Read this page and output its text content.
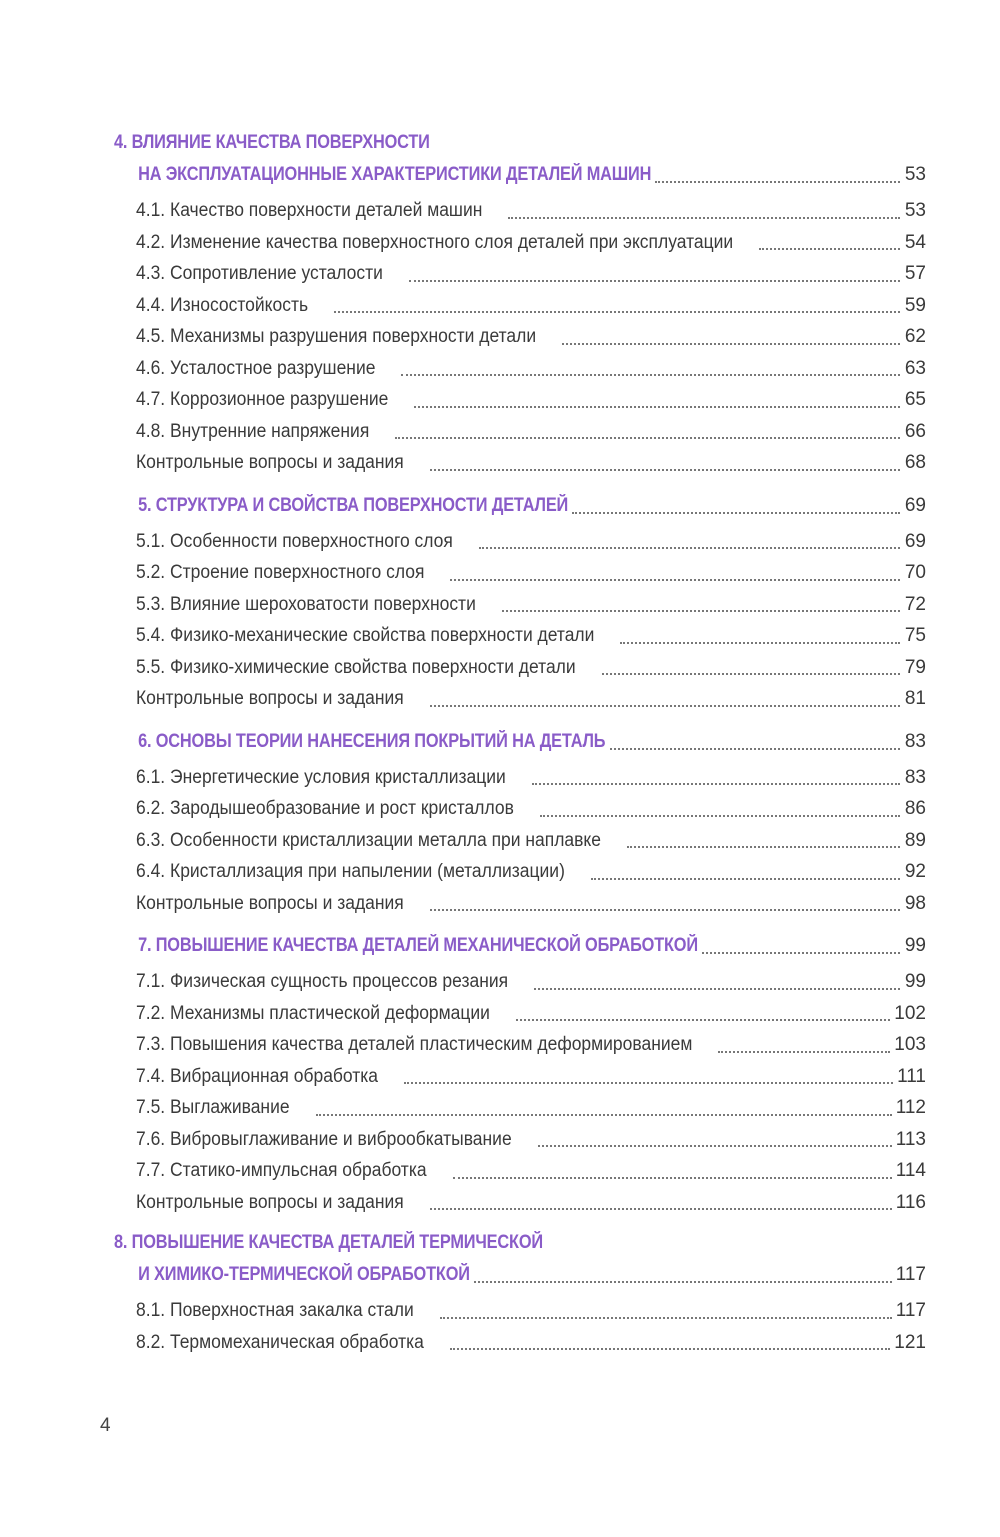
4. ВЛИЯНИЕ КАЧЕСТВА ПОВЕРХНОСТИ
НА ЭКСПЛУАТАЦИОННЫЕ ХАРАКТЕРИСТИКИ ДЕТАЛЕЙ МАШИН	53
4.1. Качество поверхности деталей машин	53
4.2. Изменение качества поверхностного слоя деталей при эксплуатации	54
4.3. Сопротивление усталости	57
4.4. Износостойкость	59
4.5. Механизмы разрушения поверхности детали	62
4.6. Усталостное разрушение	63
4.7. Коррозионное разрушение	65
4.8. Внутренние напряжения	66
Контрольные вопросы и задания	68
5. СТРУКТУРА И СВОЙСТВА ПОВЕРХНОСТИ ДЕТАЛЕЙ	69
5.1. Особенности поверхностного слоя	69
5.2. Строение поверхностного слоя	70
5.3. Влияние шероховатости поверхности	72
5.4. Физико-механические свойства поверхности детали	75
5.5. Физико-химические свойства поверхности детали	79
Контрольные вопросы и задания	81
6. ОСНОВЫ ТЕОРИИ НАНЕСЕНИЯ ПОКРЫТИЙ НА ДЕТАЛЬ	83
6.1. Энергетические условия кристаллизации	83
6.2. Зародышеобразование и рост кристаллов	86
6.3. Особенности кристаллизации металла при наплавке	89
6.4. Кристаллизация при напылении (металлизации)	92
Контрольные вопросы и задания	98
7. ПОВЫШЕНИЕ КАЧЕСТВА ДЕТАЛЕЙ МЕХАНИЧЕСКОЙ ОБРАБОТКОЙ	99
7.1. Физическая сущность процессов резания	99
7.2. Механизмы пластической деформации	102
7.3. Повышения качества деталей пластическим деформированием	103
7.4. Вибрационная обработка	111
7.5. Выглаживание	112
7.6. Вибровыглаживание и виброобкатывание	113
7.7. Статико-импульсная обработка	114
Контрольные вопросы и задания	116
8. ПОВЫШЕНИЕ КАЧЕСТВА ДЕТАЛЕЙ ТЕРМИЧЕСКОЙ
И ХИМИКО-ТЕРМИЧЕСКОЙ ОБРАБОТКОЙ	117
8.1. Поверхностная закалка стали	117
8.2. Термомеханическая обработка	121
4
